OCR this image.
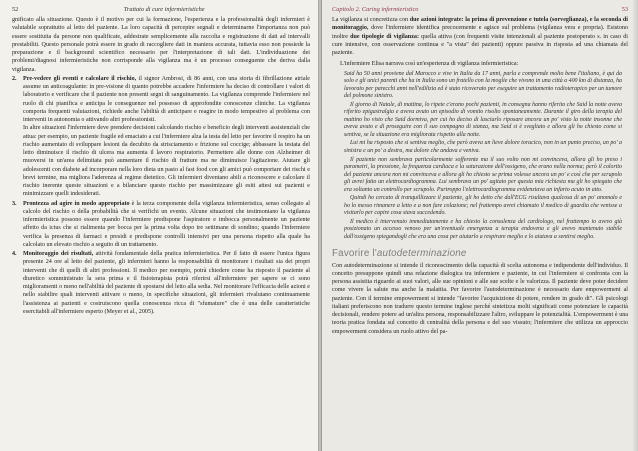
52	Trattato di cure infermieristiche

gnificato alla situazione. Questo è il motivo per cui la formazione, l'esperienza e la professionalità degli infermieri è valutabile soprattutto al letto del paziente. La loro capacità di percepire segnali e determinarne l'importanza non può essere sostituita da persone non qualificate, addestrate semplicemente alla raccolta e registrazione di dati ad intervalli prestabiliti. Questo personale potrà essere in grado di raccogliere dati in maniera accurata, tuttavia esso non possiede la preparazione e il background scientifico necessario per l'interpretazione di tali dati. L'individuazione dei problemi/diagnosi infermieristiche non corrisponde alla vigilanza ma è un processo conseguente che deriva dalla vigilanza.

2.	Pre-vedere gli eventi e calcolare il rischio, il signor Ambrosi, di 86 anni, con una storia di fibrillazione atriale assume un anticoagulante: in pre-visione di quanto potrebbe accadere l'infermiere ha deciso di controllare i valori di laboratorio e verificare che il paziente non presenti segni di sanguinamento. La vigilanza comprende l'infermiere nel ruolo di chi pianifica e anticipa le conseguenze nel possesso di approfondite conoscenze cliniche. La vigilanza comporta frequenti valutazioni, richiede anche l'abilità di anticipare e reagire in modo tempestivo al problema con interventi in autonomia o attivando altri professionisti.
In altre situazioni l'infermiere deve prendere decisioni calcolando rischio e beneficio degli interventi assistenziali che attua: per esempio, un paziente fragile ed emaciato a cui l'infermiere alza la testa del letto per favorire il respiro ha un rischio aumentato di sviluppare lesioni da decubito da strisciamento e frizione sul coccige; abbassare la testata del letto diminuisce il rischio di ulcera ma aumenta il lavoro respiratorio. Permettere alle donne con Alzheimer di muoversi in un'area delimitata può aumentare il rischio di fratture ma ne diminuisce l'agitazione. Aiutare gli adolescenti con diabete ad incorporare nella loro dieta un pasto al fast food con gli amici può comportare dei rischi e brevi termine, ma migliora l'aderenza al regime dietetico. Gli infermieri diventano abili a riconoscere e calcolare il rischio inerente queste situazioni e a bilanciare questo rischio per massimizzare gli esiti attesi sui pazienti e minimizzare quelli indesiderati.
3.	Prontezza ad agire in modo appropriato è la terza componente della vigilanza infermieristica, senso collegato al calcolo del rischio o della probabilità che si verifichi un evento. Alcune situazioni che testimoniano la vigilanza infermieristica possono essere quando l'infermiere predispone l'aspiratore e imbocca personalmente un paziente affetto da ictus che si rialimenta per bocca per la prima volta dopo tre settimane di sondino; quando l'infermiere verifica la presenza di farmaci e presidi e predispone controlli intensivi per una persona rispetto alla quale ha calcolato un elevato rischio a seguito di un trattamento.
4.	Monitoraggio dei risultati, attività fondamentale della pratica infermieristica. Per il fatto di essere l'unica figura presente 24 ore al letto del paziente, gli infermieri hanno la responsabilità di monitorare i risultati sia dei propri interventi che di quelli di altri professioni. Il medico per esempio, potrà chiedere come ha risposto il paziente al diuretico somministrato la sera prima e il fisioterapista potrà riferirsi all'infermiere per sapere se ci sono miglioramenti o meno nell'abilità del paziente di spostarsi del letto alla sedia. Nel monitorare l'efficacia delle azioni e nello stabilire quali interventi attivare o meno, in specifiche situazioni, gli infermieri rivalutano continuamente l'assistenza ai pazienti e costruiscono quella conoscenza ricca di "sfumature" che è una delle caratteristiche esercitabili all'infermiere esperto (Meyer et al., 2005).
Capitolo 2. Caring infermieristico	53

La vigilanza si concretizza con due azioni integrate: la prima di prevenzione e tutela (sorveglianza), e la seconda di monitoraggio, dove l'infermiere identifica precocemente e agisce sul problema (vigilanza vera e propria). Esistono inoltre due tipologie di vigilanza: quella attiva (con frequenti visite intenzionali al paziente postoperato s. in caso di cure intensive, con osservazione continua e "a vista" dei pazienti) oppure passiva in risposta ad una chiamata del paziente.

L'infermiere Elisa narrava così un'esperienza di vigilanza infermieristica:

Said ha 50 anni proviene dal Marocco e vive in Italia da 17 anni, parla e comprende molto bene l'italiano, è qui da solo e gli unici parenti che ha in Italia sono un fratello con la moglie che vivono in una città a 400 km di distanza, ha lavorato per parecchi anni nell'edilizia ed è stato ricoverato per eseguire un trattamento radioterapico per un tumore del polmone sinistro.

Il giorno di Natale, di mattina, lo ripete c'erano pochi pazienti, in consegna hanno riferito che Said la notte aveva riferito epigastralgia e aveva avuto un episodio di vomito risolto spontaneamente. Durante il giro della terapia del mattino ho visto che Said dormiva, per cui ho deciso di lasciarlo riposare ancora un po' visto la notte insonne che aveva avuto e di proseguire con il suo compagno di stanza, ma Said si è svegliato e allora gli ho chiesto come si sentiva, se la situazione era migliorata rispetto alla notte.

Lui mi ha risposto che si sentiva meglio, che però aveva un lieve dolore toracico, non in un punto preciso, un po' a sinistra e un po' a destra, ma dolore che andava e veniva.

Il paziente non sembrava particolarmente sofferente ma il suo volto non mi convinceva, allora gli ho preso i parametri, la pressione, la frequenza cardiaca e la saturazione dell'ossigeno, che erano nella norma; però il colorito del paziente ancora non mi convinceva e allora gli ho chiesto se prima volesse ancora un po' e così che per scrupolo gli avrei fatto un elettrocardiogramma. Lui sembrava un po' agitato per questa mia richiesta ma gli ho spiegato che era soltanto un controllo per scrupolo. Purtroppo l'elettrocardiogramma evidenziava un infarto acuto in atto.

Quindi ho cercato di tranquillizzare il paziente, gli ho detto che dall'ECG risultava qualcosa di un po' anomalo e ho lo messo rimanere a letto e a non fare colazione; nel frattempo avrei chiamato il medico di guardia che venisse a visitarlo per capire cosa stava succedendo.

Il medico è intervenuto immediatamente e ha chiesto la consulenza del cardiologo, nel frattempo io avevo già posizionato un accesso venoso per un'eventuale emergenza a terapia endovena e gli avevo mantenuto stabile dall'ossigeno spiegandogli che era una cosa per aiutarlo a respirare meglio e lo aiutava a sentirsi meglio.

Favorire l'autodeterminazione

Con autodeterminazione si intende il riconoscimento della capacità di scelta autonoma e indipendente dell'individuo. Il concetto presuppone quindi una relazione dialogica tra infermiere e paziente, in cui l'infermiere si confronta con la persona assistita riguardo ai suoi valori, alle sue opinioni e alle sue scelte e le valorizza. Il paziente deve poter decidere come vivere la salute ma anche la malattia. Per favorire l'autodeterminazione è necessario dare empowerment al paziente. Con il termine empowerment si intende "favorire l'acquisizione di potere, rendere in grado di". Gli psicologi italiani preferiscono non tradurre questo termine inglese perché sintetizza molti significati come potenziare le capacità decisionali, rendere potere ad un'altra persona, responsabilizzare l'altro, sviluppare le potenzialità. L'empowerment è una teoria pratica fondata sul concetto di centralità della persona e del suo vissuto; l'infermiere che utilizza un approccio empowerment considera un ruolo attivo del pa-
